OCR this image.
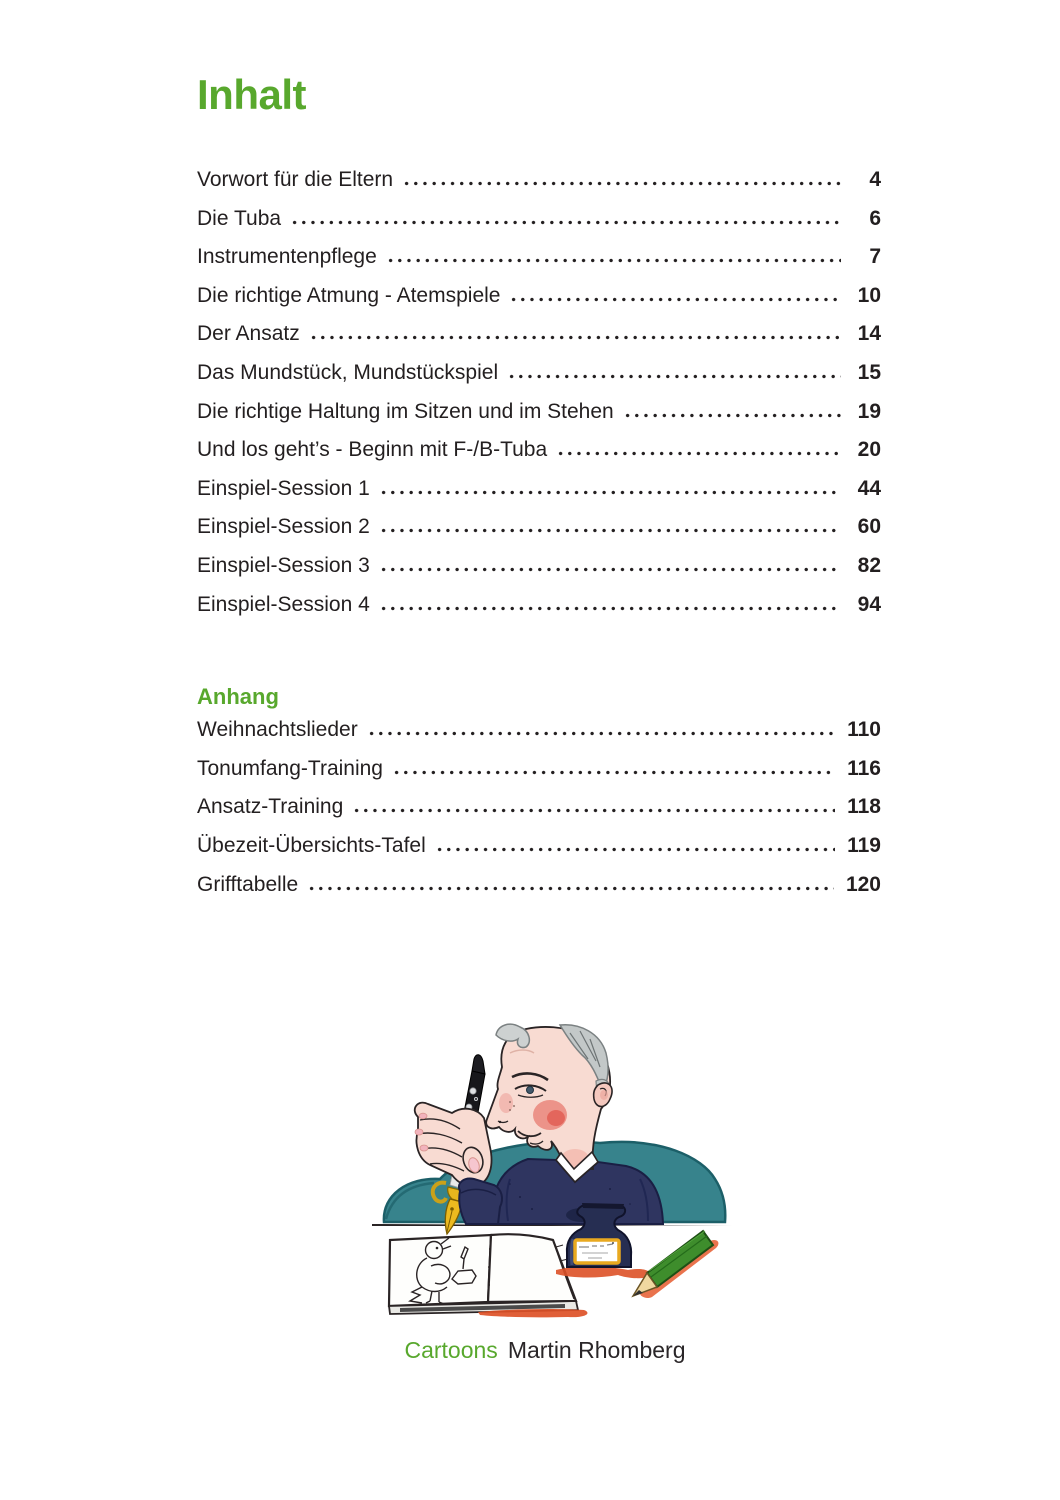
Inhalt
Vorwort für die Eltern	4
Die Tuba	6
Instrumentenpflege	7
Die richtige Atmung - Atemspiele	10
Der Ansatz	14
Das Mundstück, Mundstückspiel	15
Die richtige Haltung im Sitzen und im Stehen	19
Und los geht’s - Beginn mit F-/B-Tuba	20
Einspiel-Session 1	44
Einspiel-Session 2	60
Einspiel-Session 3	82
Einspiel-Session 4	94
Anhang
Weihnachtslieder	110
Tonumfang-Training	116
Ansatz-Training	118
Übezeit-Übersichts-Tafel	119
Grifftabelle	120
Cartoons Martin Rhomberg
